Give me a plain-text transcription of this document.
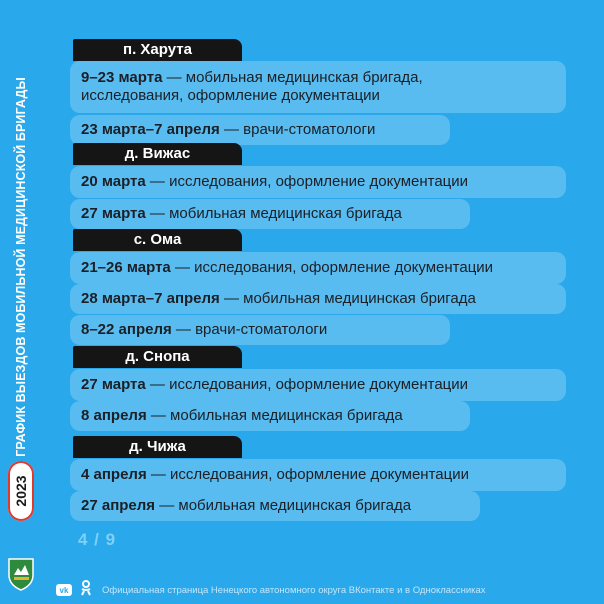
ГРАФИК ВЫЕЗДОВ МОБИЛЬНОЙ МЕДИЦИНСКОЙ БРИГАДЫ
2023
п. Харута
9–23 марта — мобильная медицинская бригада,
исследования, оформление документации
23 марта–7 апреля — врачи-стоматологи
д. Вижас
20 марта — исследования, оформление документации
27 марта — мобильная медицинская бригада
с. Ома
21–26 марта — исследования, оформление документации
28 марта–7 апреля — мобильная медицинская бригада
8–22 апреля — врачи-стоматологи
д. Снопа
27 марта — исследования, оформление документации
8 апреля — мобильная медицинская бригада
д. Чижа
4 апреля — исследования, оформление документации
27 апреля — мобильная медицинская бригада
4 / 9
vk	Официальная страница Ненецкого автономного округа ВКонтакте и в Одноклассниках
